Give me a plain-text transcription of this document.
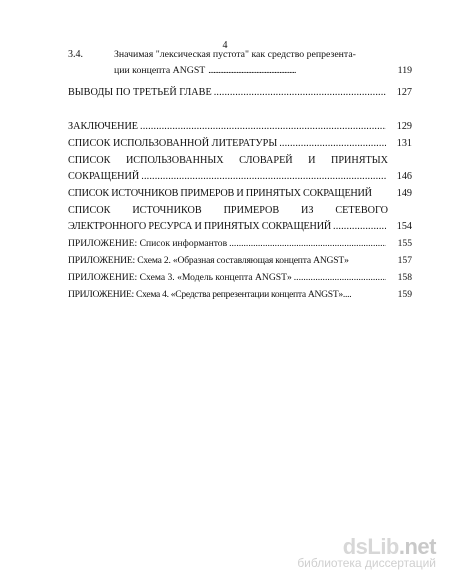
4
3.4.	Значимая "лексическая пустота" как средство репрезента-
ции концепта ANGST .....................................................	119
ВЫВОДЫ ПО ТРЕТЬЕЙ ГЛАВЕ . . .	127
ЗАКЛЮЧЕНИЕ . . .	129
СПИСОК ИСПОЛЬЗОВАННОЙ ЛИТЕРАТУРЫ . . .	131
СПИСОК ИСПОЛЬЗОВАННЫХ СЛОВАРЕЙ И ПРИНЯТЫХ
СОКРАЩЕНИЙ . . .	146
СПИСОК ИСТОЧНИКОВ ПРИМЕРОВ И ПРИНЯТЫХ СОКРАЩЕНИЙ	149
СПИСОК ИСТОЧНИКОВ ПРИМЕРОВ ИЗ СЕТЕВОГО
ЭЛЕКТРОННОГО РЕСУРСА И ПРИНЯТЫХ СОКРАЩЕНИЙ . . .	154
ПРИЛОЖЕНИЕ: Список информантов . . .	155
ПРИЛОЖЕНИЕ: Схема 2. «Образная составляющая концепта ANGST»	157
ПРИЛОЖЕНИЕ: Схема 3. «Модель концепта ANGST» . . .	158
ПРИЛОЖЕНИЕ: Схема 4. «Средства репрезентации концепта ANGST»....	159
dsLib.net
библиотека диссертаций
